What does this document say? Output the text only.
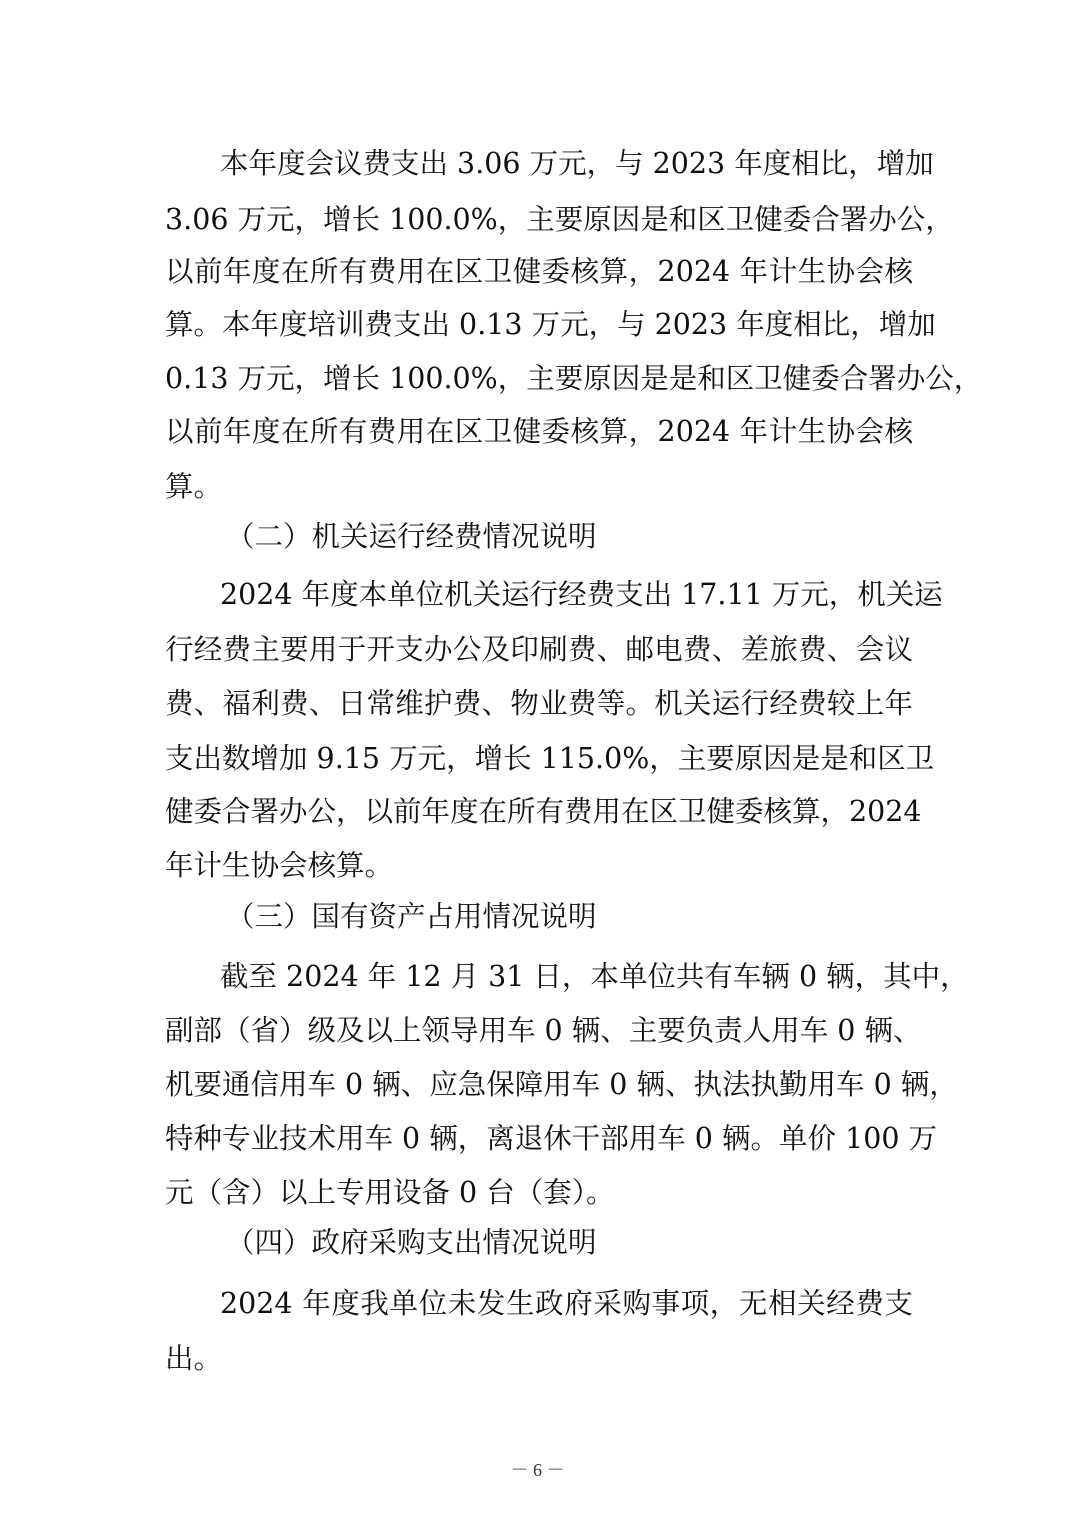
本年度会议费支出 3.06 万元，与 2023 年度相比，增加
3.06 万元，增长 100.0%，主要原因是和区卫健委合署办公，
以前年度在所有费用在区卫健委核算，2024 年计生协会核
算。本年度培训费支出 0.13 万元，与 2023 年度相比，增加
0.13 万元，增长 100.0%，主要原因是是和区卫健委合署办公，
以前年度在所有费用在区卫健委核算，2024 年计生协会核
算。
（二）机关运行经费情况说明
2024 年度本单位机关运行经费支出 17.11 万元，机关运
行经费主要用于开支办公及印刷费、邮电费、差旅费、会议
费、福利费、日常维护费、物业费等。机关运行经费较上年
支出数增加 9.15 万元，增长 115.0%，主要原因是是和区卫
健委合署办公，以前年度在所有费用在区卫健委核算，2024
年计生协会核算。
（三）国有资产占用情况说明
截至 2024 年 12 月 31 日，本单位共有车辆 0 辆，其中，
副部（省）级及以上领导用车 0 辆、主要负责人用车 0 辆、
机要通信用车 0 辆、应急保障用车 0 辆、执法执勤用车 0 辆，
特种专业技术用车 0 辆，离退休干部用车 0 辆。单价 100 万
元（含）以上专用设备 0 台（套）。
（四）政府采购支出情况说明
2024 年度我单位未发生政府采购事项，无相关经费支
出。
－ 6 －
